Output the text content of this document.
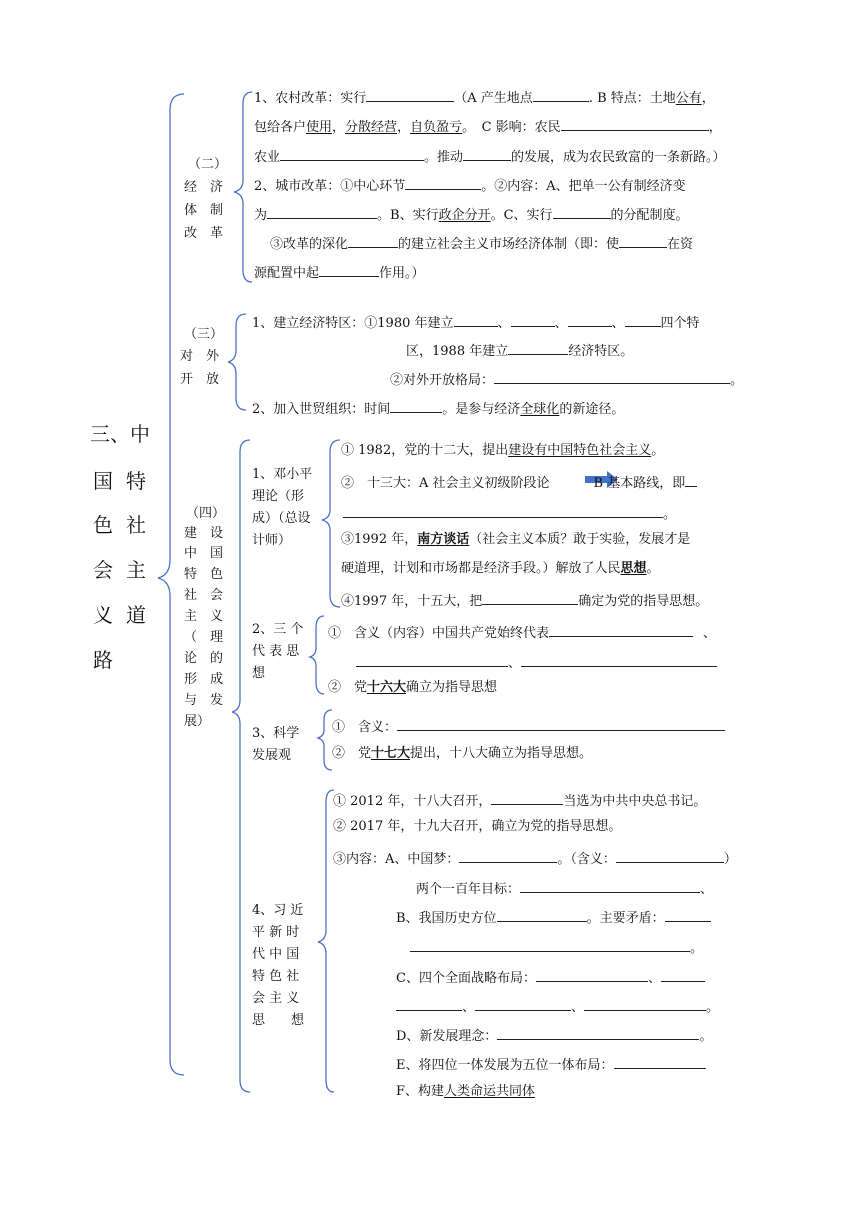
三、中
国
色
会
义
路
特
社
主
道
（二）
经　济
体　制
改　革
1、农村改革：实行	（A 产生地点	. B 特点：土地公有，
包给各户使用，分散经营，自负盈亏。　C 影响：农民	，
农业	。推动	的发展，成为农民致富的一条新路。）
2、城市改革：①中心环节	。②内容：A、把单一公有制经济变
为	。B、实行政企分开。C、实行	的分配制度。
③改革的深化	的建立社会主义市场经济体制（即：使	在资
源配置中起	作用。）
（三）
对　外
开　放
1、建立经济特区：①1980 年建立	、	、	、	四个特
区，1988 年建立	经济特区。
②对外开放格局：	。
2、加入世贸组织：时间	。是参与经济全球化的新途径。
（四）
建　设
中　国
特　色
社　会
主　义
（　理
论　的
形　成
与　发
展）
1、邓小平
理论（形
成）（总设
计师）
① 1982，党的十二大，提出建设有中国特色社会主义。
②　十三大：A 社会主义初级阶段论	B 基本路线，即
。
③1992 年，南方谈话（社会主义本质？敢于实验，发展才是
硬道理，计划和市场都是经济手段。）解放了人民思想。
④1997 年，十五大，把	确定为党的指导思想。
2、三 个
代 表 思
想
①　含义（内容）中国共产党始终代表	、
、
②　党十六大确立为指导思想
3、科学
发展观
①　含义：
②　党十七大提出，十八大确立为指导思想。
4、习 近
平 新 时
代 中 国
特 色 社
会 主 义
思　　想
① 2012 年，十八大召开，	当选为中共中央总书记。
② 2017 年，十九大召开，确立为党的指导思想。
③内容：A、中国梦：	。（含义：	）
两个一百年目标：	、
B、我国历史方位	。主要矛盾：
。
C、四个全面战略布局：	、
、	、	。
D、新发展理念：	。
E、将四位一体发展为五位一体布局：
F、构建人类命运共同体
